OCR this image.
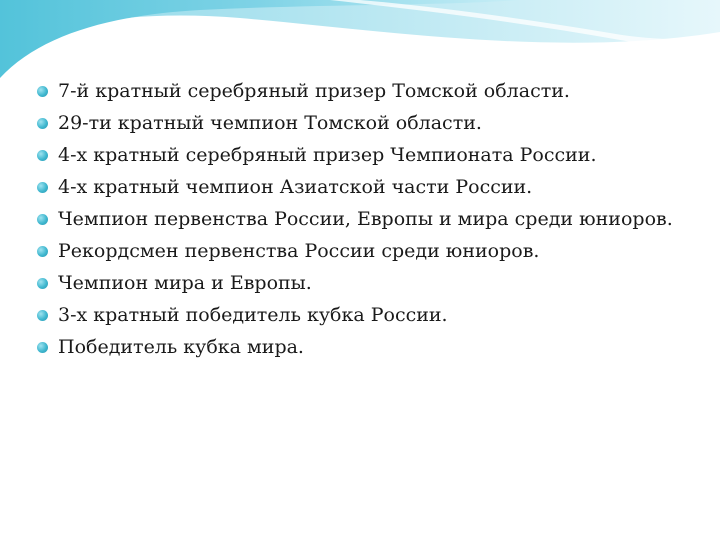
7-й кратный серебряный призер Томской области.
29-ти кратный чемпион Томской области.
4-х кратный серебряный призер Чемпионата России.
4-х кратный чемпион Азиатской части России.
Чемпион первенства России, Европы и мира среди юниоров.
Рекордсмен первенства России среди юниоров.
Чемпион мира и Европы.
3-х кратный победитель кубка России.
Победитель кубка мира.
